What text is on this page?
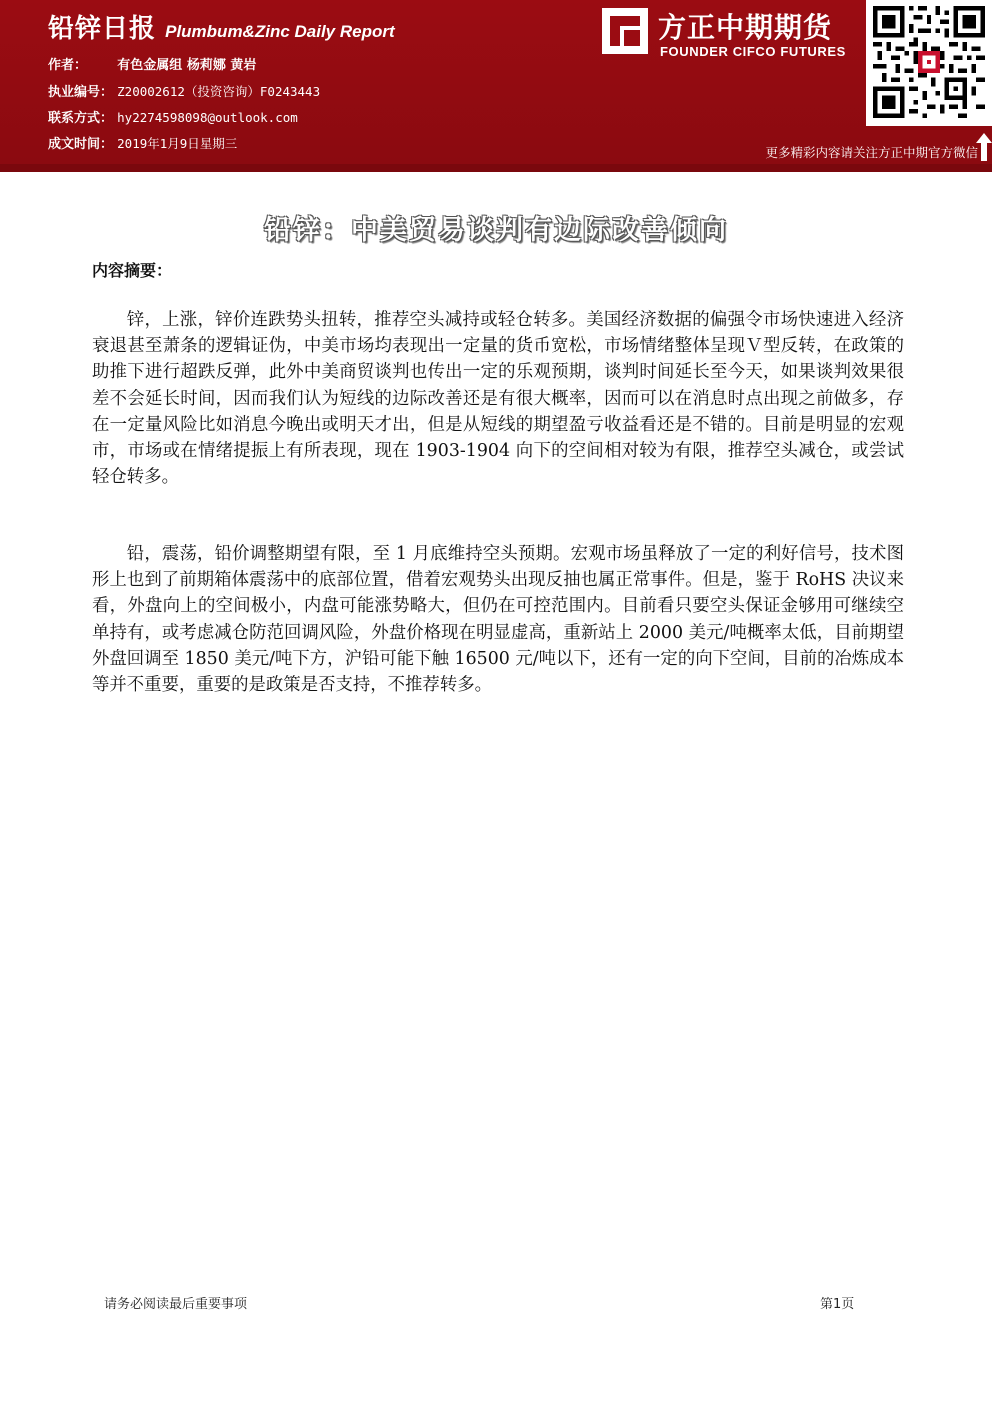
铅锌日报 Plumbum&Zinc Daily Report
作者： 有色金属组 杨莉娜 黄岩
执业编号： Z20002612（投资咨询）F0243443
联系方式： hy2274598098@outlook.com
成文时间： 2019年1月9日星期三
方正中期期货
FOUNDER CIFCO FUTURES
更多精彩内容请关注方正中期官方微信
铅锌：中美贸易谈判有边际改善倾向
内容摘要：

锌，上涨，锌价连跌势头扭转，推荐空头减持或轻仓转多。美国经济数据的偏强令市场快速进入经济衰退甚至萧条的逻辑证伪，中美市场均表现出一定量的货币宽松，市场情绪整体呈现Ｖ型反转，在政策的助推下进行超跌反弹，此外中美商贸谈判也传出一定的乐观预期，谈判时间延长至今天，如果谈判效果很差不会延长时间，因而我们认为短线的边际改善还是有很大概率，因而可以在消息时点出现之前做多，存在一定量风险比如消息今晚出或明天才出，但是从短线的期望盈亏收益看还是不错的。目前是明显的宏观市，市场或在情绪提振上有所表现，现在 1903-1904 向下的空间相对较为有限，推荐空头减仓，或尝试轻仓转多。

铅，震荡，铅价调整期望有限，至 1 月底维持空头预期。宏观市场虽释放了一定的利好信号，技术图形上也到了前期箱体震荡中的底部位置，借着宏观势头出现反抽也属正常事件。但是，鉴于 RoHS 决议来看，外盘向上的空间极小，内盘可能涨势略大，但仍在可控范围内。目前看只要空头保证金够用可继续空单持有，或考虑减仓防范回调风险，外盘价格现在明显虚高，重新站上 2000 美元/吨概率太低，目前期望外盘回调至 1850 美元/吨下方，沪铅可能下触 16500 元/吨以下，还有一定的向下空间，目前的冶炼成本等并不重要，重要的是政策是否支持，不推荐转多。

请务必阅读最后重要事项	第1页
